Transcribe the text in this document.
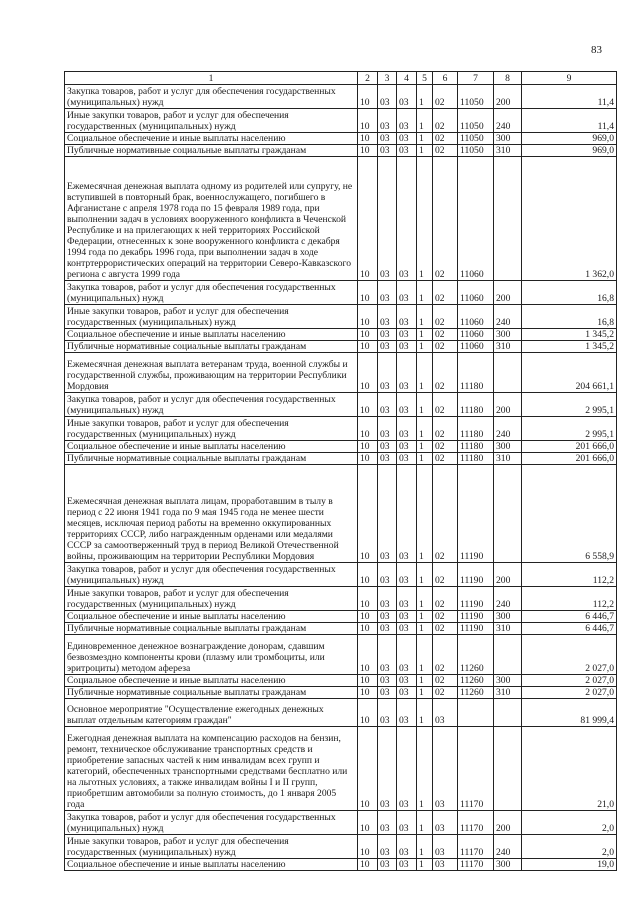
83
1	2	3	4	5	6	7	8	9
Закупка товаров, работ и услуг для обеспечения государственных (муниципальных) нужд	10	03	03	1	02	11050	200	11,4
Иные закупки товаров, работ и услуг для обеспечения государственных (муниципальных) нужд	10	03	03	1	02	11050	240	11,4
Социальное обеспечение и иные выплаты населению	10	03	03	1	02	11050	300	969,0
Публичные нормативные социальные выплаты гражданам	10	03	03	1	02	11050	310	969,0
Ежемесячная денежная выплата одному из родителей или супругу, не вступившей в повторный брак, военнослужащего, погибшего в Афганистане с апреля 1978 года по 15 февраля 1989 года, при выполнении задач в условиях вооруженного конфликта в Чеченской Республике и на прилегающих к ней территориях Российской Федерации, отнесенных к зоне вооруженного конфликта с декабря 1994 года по декабрь 1996 года, при выполнении задач в ходе контртеррористических операций на территории Северо-Кавказского региона с августа 1999 года	10	03	03	1	02	11060		1 362,0
Закупка товаров, работ и услуг для обеспечения государственных (муниципальных) нужд	10	03	03	1	02	11060	200	16,8
Иные закупки товаров, работ и услуг для обеспечения государственных (муниципальных) нужд	10	03	03	1	02	11060	240	16,8
Социальное обеспечение и иные выплаты населению	10	03	03	1	02	11060	300	1 345,2
Публичные нормативные социальные выплаты гражданам	10	03	03	1	02	11060	310	1 345,2
Ежемесячная денежная выплата ветеранам труда, военной службы и государственной службы, проживающим на территории Республики Мордовия	10	03	03	1	02	11180		204 661,1
Закупка товаров, работ и услуг для обеспечения государственных (муниципальных) нужд	10	03	03	1	02	11180	200	2 995,1
Иные закупки товаров, работ и услуг для обеспечения государственных (муниципальных) нужд	10	03	03	1	02	11180	240	2 995,1
Социальное обеспечение и иные выплаты населению	10	03	03	1	02	11180	300	201 666,0
Публичные нормативные социальные выплаты гражданам	10	03	03	1	02	11180	310	201 666,0
Ежемесячная денежная выплата лицам, проработавшим в тылу в период с 22 июня 1941 года по 9 мая 1945 года не менее шести месяцев, исключая период работы на временно оккупированных территориях СССР, либо награжденным орденами или медалями СССР за самоотверженный труд в период Великой Отечественной войны, проживающим на территории Республики Мордовия	10	03	03	1	02	11190		6 558,9
Закупка товаров, работ и услуг для обеспечения государственных (муниципальных) нужд	10	03	03	1	02	11190	200	112,2
Иные закупки товаров, работ и услуг для обеспечения государственных (муниципальных) нужд	10	03	03	1	02	11190	240	112,2
Социальное обеспечение и иные выплаты населению	10	03	03	1	02	11190	300	6 446,7
Публичные нормативные социальные выплаты гражданам	10	03	03	1	02	11190	310	6 446,7
Единовременное денежное вознаграждение донорам, сдавшим безвозмездно компоненты крови (плазму или тромбоциты, или эритроциты) методом афереза	10	03	03	1	02	11260		2 027,0
Социальное обеспечение и иные выплаты населению	10	03	03	1	02	11260	300	2 027,0
Публичные нормативные социальные выплаты гражданам	10	03	03	1	02	11260	310	2 027,0
Основное мероприятие "Осуществление ежегодных денежных выплат отдельным категориям граждан"	10	03	03	1	03			81 999,4
Ежегодная денежная выплата на компенсацию расходов на бензин, ремонт, техническое обслуживание транспортных средств и приобретение запасных частей к ним инвалидам всех групп и категорий, обеспеченных транспортными средствами бесплатно или на льготных условиях, а также инвалидам войны I и II групп, приобретшим автомобили за полную стоимость, до 1 января 2005 года	10	03	03	1	03	11170		21,0
Закупка товаров, работ и услуг для обеспечения государственных (муниципальных) нужд	10	03	03	1	03	11170	200	2,0
Иные закупки товаров, работ и услуг для обеспечения государственных (муниципальных) нужд	10	03	03	1	03	11170	240	2,0
Социальное обеспечение и иные выплаты населению	10	03	03	1	03	11170	300	19,0
